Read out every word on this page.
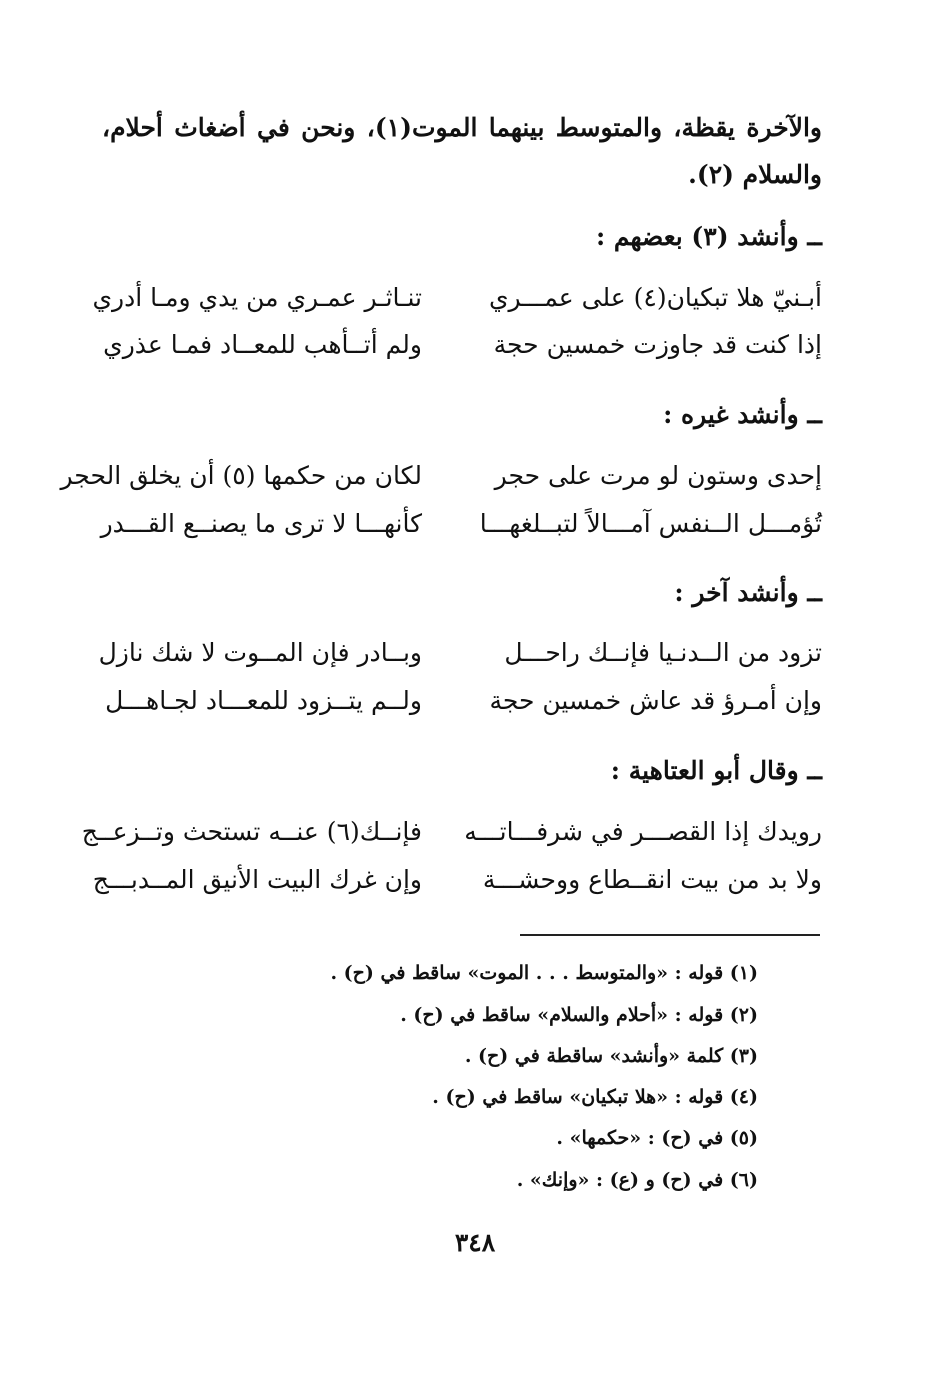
والآخرة يقظة، والمتوسط بينهما الموت(١)، ونحن في أضغاث أحلام، والسلام (٢).

ــ وأنشد (٣) بعضهم :
أبـنيّ هلا تبكيان(٤) على عمـــري
تنـاثـر عمـري من يدي ومـا أدري
إذا كنت قد جاوزت خمسين حجة
ولم أتــأهب للمعــاد فمـا عذري
ــ وأنشد غيره :
إحدى وستون لو مرت على حجر
لكان من حكمها (٥) أن يخلق الحجر
تُؤمـــل الــنفس آمـــالاً لتبــلغهـــا
كأنهـــا لا ترى ما يصنــع القـــدر
ــ وأنشد آخر :
تزود من الــدنـيا فإنــك راحـــل
وبــادر فإن المــوت لا شك نازل
وإن أمـرؤ قد عاش خمسين حجة
ولــم يتــزود للمعـــاد لجـاهـــل
ــ وقال أبو العتاهية :
رويدك إذا القصـــر في شرفـــاتـــه
فإنــك(٦) عنــه تستحث وتــزعــج
ولا بد من بيت انقــطاع ووحشـــة
وإن غرك البيت الأنيق المــدبـــج
(١) قوله : «والمتوسط . . . الموت» ساقط في (ح) .
(٢) قوله : «أحلام والسلام» ساقط في (ح) .
(٣) كلمة «وأنشد» ساقطة في (ح) .
(٤) قوله : «هلا تبكيان» ساقط في (ح) .
(٥) في (ح) : «حكمها» .
(٦) في (ح) و (ع) : «وإنك» .
٣٤٨
